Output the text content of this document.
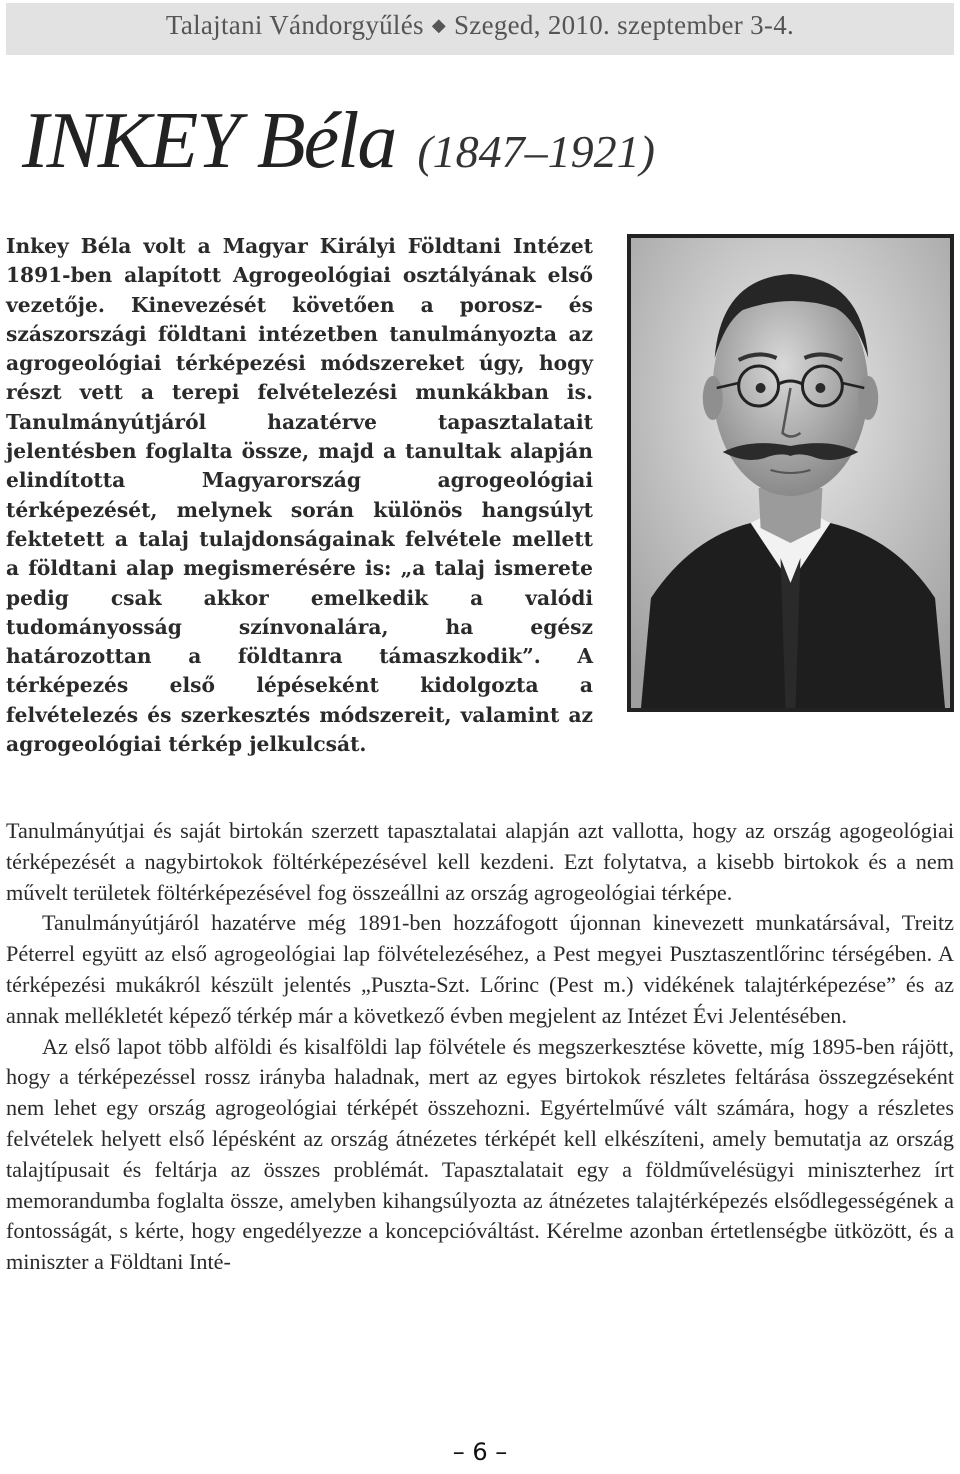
Talajtani Vándorgyűlés ◆ Szeged, 2010. szeptember 3-4.
INKEY Béla (1847–1921)

Inkey Béla volt a Magyar Királyi Földtani Intézet 1891-ben alapított Agrogeológiai osztályának első vezetője. Kinevezését követően a porosz- és szászországi földtani intézetben tanulmányozta az agrogeológiai térképezési módszereket úgy, hogy részt vett a terepi felvételezési munkákban is. Tanulmányútjáról hazatérve tapasztalatait jelentésben foglalta össze, majd a tanultak alapján elindította Magyarország agrogeológiai térképezését, melynek során különös hangsúlyt fektetett a talaj tulajdonságainak felvétele mellett a földtani alap megismerésére is: „a talaj ismerete pedig csak akkor emelkedik a valódi tudományosság színvonalára, ha egész határozottan a földtanra támaszkodik”. A térképezés első lépéseként kidolgozta a felvételezés és szerkesztés módszereit, valamint az agrogeológiai térkép jelkulcsát.

Tanulmányútjai és saját birtokán szerzett tapasztalatai alapján azt vallotta, hogy az ország agogeológiai térképezését a nagybirtokok föltérképezésével kell kezdeni. Ezt folytatva, a kisebb birtokok és a nem művelt területek föltérképezésével fog összeállni az ország agrogeológiai térképe.

Tanulmányútjáról hazatérve még 1891-ben hozzáfogott újonnan kinevezett munkatársával, Treitz Péterrel együtt az első agrogeológiai lap fölvételezéséhez, a Pest megyei Pusztaszentlőrinc térségében. A térképezési mukákról készült jelentés „Puszta-Szt. Lőrinc (Pest m.) vidékének talajtérképezése” és az annak mellékletét képező térkép már a következő évben megjelent az Intézet Évi Jelentésében.

Az első lapot több alföldi és kisalföldi lap fölvétele és megszerkesztése követte, míg 1895-ben rájött, hogy a térképezéssel rossz irányba haladnak, mert az egyes birtokok részletes feltárása összegzéseként nem lehet egy ország agrogeológiai térképét összehozni. Egyértelművé vált számára, hogy a részletes felvételek helyett első lépésként az ország átnézetes térképét kell elkészíteni, amely bemutatja az ország talajtípusait és feltárja az összes problémát. Tapasztalatait egy a földművelésügyi miniszterhez írt memorandumba foglalta össze, amelyben kihangsúlyozta az átnézetes talajtérképezés elsődlegességének a fontosságát, s kérte, hogy engedélyezze a koncepcióváltást. Kérelme azonban értetlenségbe ütközött, és a miniszter a Földtani Inté-

– 6 –
